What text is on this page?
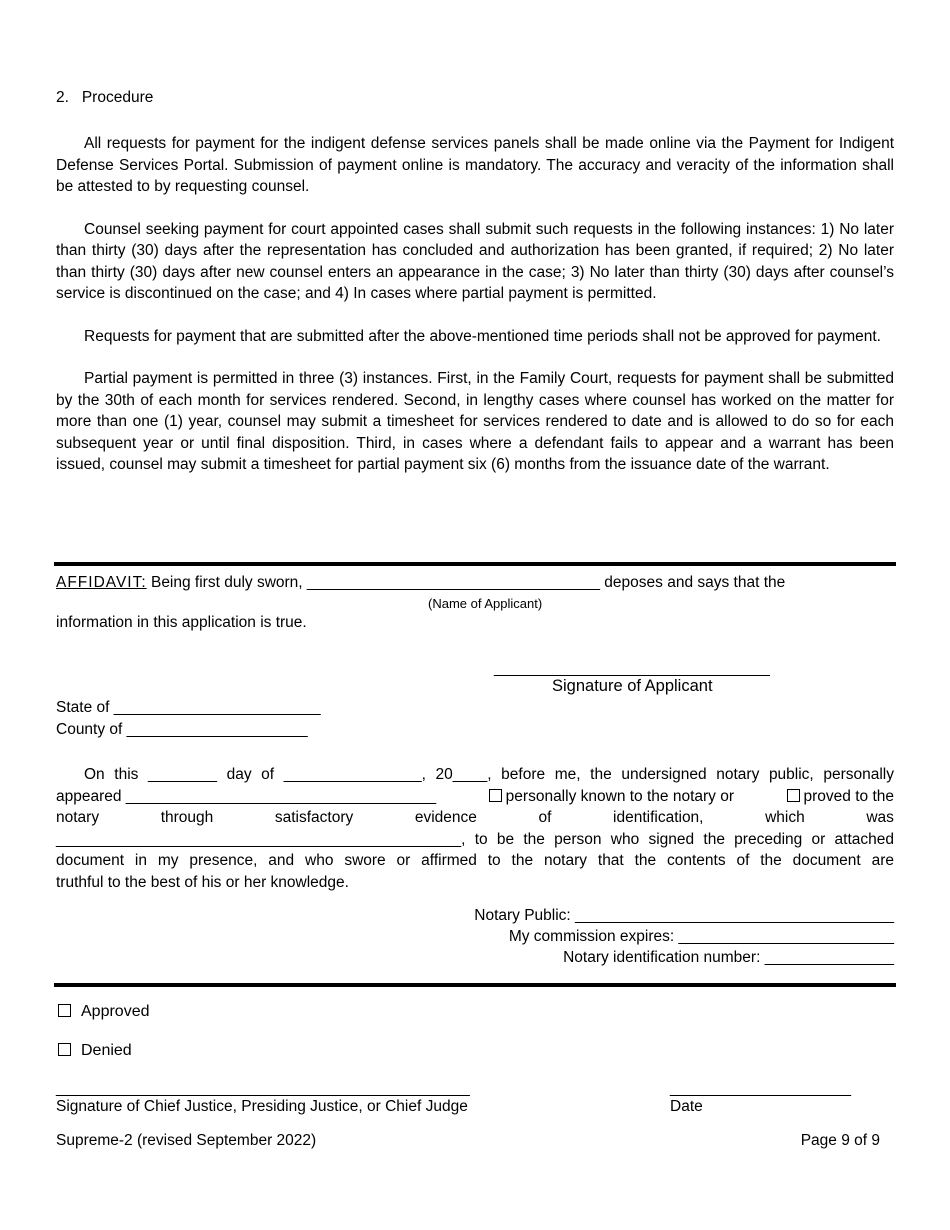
2.   Procedure

All requests for payment for the indigent defense services panels shall be made online via the Payment for Indigent Defense Services Portal. Submission of payment online is mandatory. The accuracy and veracity of the information shall be attested to by requesting counsel.

Counsel seeking payment for court appointed cases shall submit such requests in the following instances: 1) No later than thirty (30) days after the representation has concluded and authorization has been granted, if required; 2) No later than thirty (30) days after new counsel enters an appearance in the case; 3) No later than thirty (30) days after counsel’s service is discontinued on the case; and 4) In cases where partial payment is permitted.

Requests for payment that are submitted after the above-mentioned time periods shall not be approved for payment.

Partial payment is permitted in three (3) instances. First, in the Family Court, requests for payment shall be submitted by the 30th of each month for services rendered. Second, in lengthy cases where counsel has worked on the matter for more than one (1) year, counsel may submit a timesheet for services rendered to date and is allowed to do so for each subsequent year or until final disposition. Third, in cases where a defendant fails to appear and a warrant has been issued, counsel may submit a timesheet for partial payment six (6) months from the issuance date of the warrant.

AFFIDAVIT: Being first duly sworn, __________________________________ deposes and says that the
(Name of Applicant)
information in this application is true.
________________________________
Signature of Applicant
State of ________________________
County of _____________________
On this ________ day of ________________, 20____, before me, the undersigned notary public, personally
appeared ____________________________________	personally known to the notary or	proved to the
notary	through	satisfactory	evidence	of	identification,	which	was
_______________________________________________, to be the person who signed the preceding or attached
document in my presence, and who swore or affirmed to the notary that the contents of the document are
truthful to the best of his or her knowledge.
Notary Public: _____________________________________
My commission expires: _________________________
Notary identification number: _______________
Approved
Denied
________________________________________________
Signature of Chief Justice, Presiding Justice, or Chief Judge
_____________________
Date
Supreme-2 (revised September 2022)	Page 9 of 9
